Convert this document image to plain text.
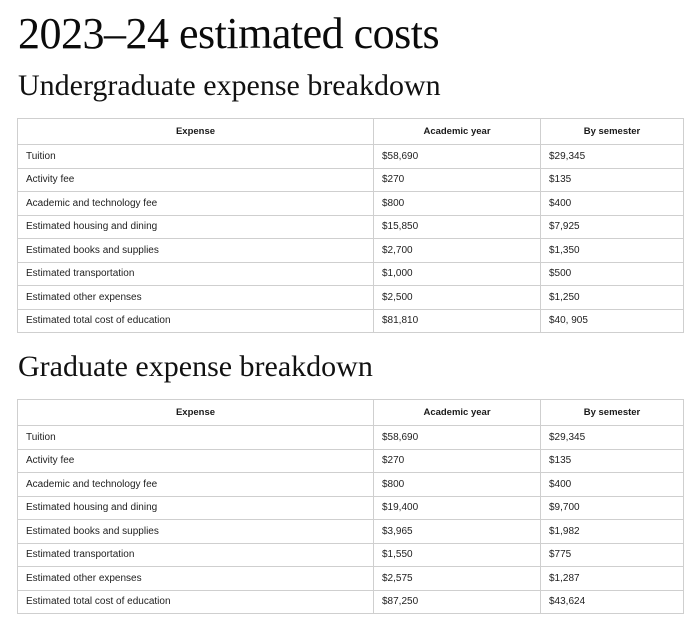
2023–24 estimated costs
Undergraduate expense breakdown
Expense	Academic year	By semester
Tuition	$58,690	$29,345
Activity fee	$270	$135
Academic and technology fee	$800	$400
Estimated housing and dining	$15,850	$7,925
Estimated books and supplies	$2,700	$1,350
Estimated transportation	$1,000	$500
Estimated other expenses	$2,500	$1,250
Estimated total cost of education	$81,810	$40, 905
Graduate expense breakdown
Expense	Academic year	By semester
Tuition	$58,690	$29,345
Activity fee	$270	$135
Academic and technology fee	$800	$400
Estimated housing and dining	$19,400	$9,700
Estimated books and supplies	$3,965	$1,982
Estimated transportation	$1,550	$775
Estimated other expenses	$2,575	$1,287
Estimated total cost of education	$87,250	$43,624
